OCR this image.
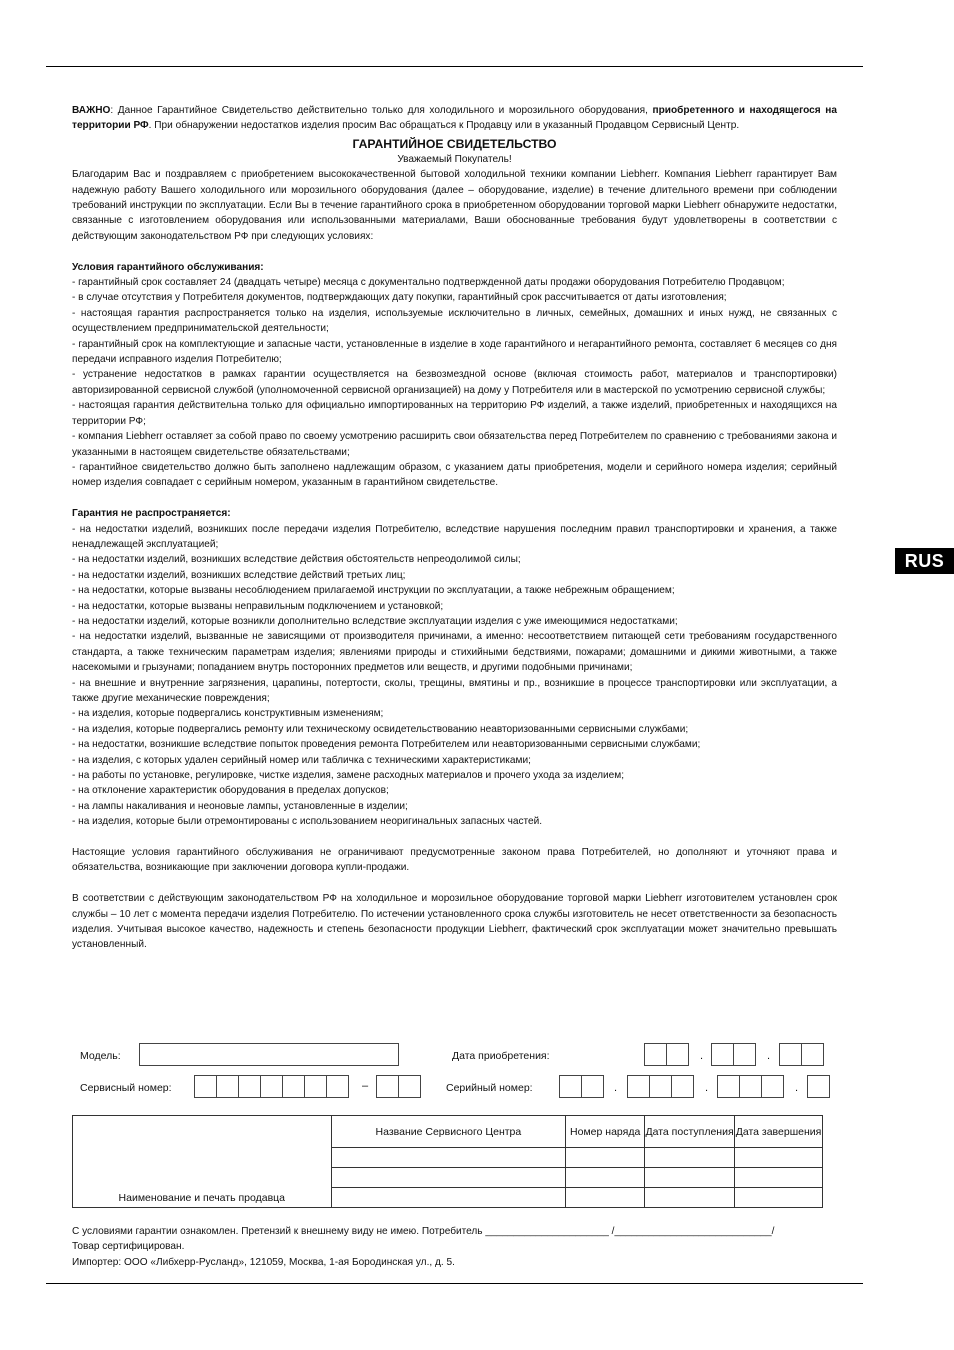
RUS

ВАЖНО: Данное Гарантийное Свидетельство действительно только для холодильного и морозильного оборудования, приобретенного и находящегося на территории РФ. При обнаружении недостатков изделия просим Вас обращаться к Продавцу или в указанный Продавцом Сервисный Центр.

ГАРАНТИЙНОЕ СВИДЕТЕЛЬСТВО

Уважаемый Покупатель!

Благодарим Вас и поздравляем с приобретением высококачественной бытовой холодильной техники компании Liebherr. Компания Liebherr гарантирует Вам надежную работу Вашего холодильного или морозильного оборудования (далее – оборудование, изделие) в течение длительного времени при соблюдении требований инструкции по эксплуатации. Если Вы в течение гарантийного срока в приобретенном оборудовании торговой марки Liebherr обнаружите недостатки, связанные с изготовлением оборудования или использованными материалами, Ваши обоснованные требования будут удовлетворены в соответствии с действующим законодательством РФ при следующих условиях:

Условия гарантийного обслуживания:

- гарантийный срок составляет 24 (двадцать четыре) месяца с документально подтвержденной даты продажи оборудования Потребителю Продавцом;

- в случае отсутствия у Потребителя документов, подтверждающих дату покупки, гарантийный срок рассчитывается от даты изготовления;

- настоящая гарантия распространяется только на изделия, используемые исключительно в личных, семейных, домашних и иных нужд, не связанных с осуществлением предпринимательской деятельности;

- гарантийный срок на комплектующие и запасные части, установленные в изделие в ходе гарантийного и негарантийного ремонта, составляет 6 месяцев со дня передачи исправного изделия Потребителю;

- устранение недостатков в рамках гарантии осуществляется на безвозмездной основе (включая стоимость работ, материалов и транспортировки) авторизированной сервисной службой (уполномоченной сервисной организацией) на дому у Потребителя или в мастерской по усмотрению сервисной службы;

- настоящая гарантия действительна только для официально импортированных на территорию РФ изделий, а также изделий, приобретенных и находящихся на территории РФ;

- компания Liebherr оставляет за собой право по своему усмотрению расширить свои обязательства перед Потребителем по сравнению с требованиями закона и указанными в настоящем свидетельстве обязательствами;

- гарантийное свидетельство должно быть заполнено надлежащим образом, с указанием даты приобретения, модели и серийного номера изделия; серийный номер изделия совпадает с серийным номером, указанным в гарантийном свидетельстве.

Гарантия не распространяется:

- на недостатки изделий, возникших после передачи изделия Потребителю, вследствие нарушения последним правил транспортировки и хранения, а также ненадлежащей эксплуатацией;

- на недостатки изделий, возникших вследствие действия обстоятельств непреодолимой силы;

- на недостатки изделий, возникших вследствие действий третьих лиц;

- на недостатки, которые вызваны несоблюдением прилагаемой инструкции по эксплуатации, а также небрежным обращением;

- на недостатки, которые вызваны неправильным подключением и установкой;

- на недостатки изделий, которые возникли дополнительно вследствие эксплуатации изделия с уже имеющимися недостатками;

- на недостатки изделий, вызванные не зависящими от производителя причинами, а именно: несоответствием питающей сети требованиям государственного стандарта, а также техническим параметрам изделия; явлениями природы и стихийными бедствиями, пожарами; домашними и дикими животными, а также насекомыми и грызунами; попаданием внутрь посторонних предметов или веществ, и другими подобными причинами;

- на внешние и внутренние загрязнения, царапины, потертости, сколы, трещины, вмятины и пр., возникшие в процессе транспортировки или эксплуатации, а также другие механические повреждения;

- на изделия, которые подвергались конструктивным изменениям;

- на изделия, которые подвергались ремонту или техническому освидетельствованию неавторизованными сервисными службами;

- на недостатки, возникшие вследствие попыток проведения ремонта Потребителем или неавторизованными сервисными службами;

- на изделия, с которых удален серийный номер или табличка с техническими характеристиками;

- на работы по установке, регулировке, чистке изделия, замене расходных материалов и прочего ухода за изделием;

- на отклонение характеристик оборудования в пределах допусков;

- на лампы накаливания и неоновые лампы, установленные в изделии;

- на изделия, которые были отремонтированы с использованием неоригинальных запасных частей.

Настоящие условия гарантийного обслуживания не ограничивают предусмотренные законом права Потребителей, но дополняют и уточняют права и обязательства, возникающие при заключении договора купли-продажи.

В соответствии с действующим законодательством РФ на холодильное и морозильное оборудование торговой марки Liebherr изготовителем установлен срок службы – 10 лет с момента передачи изделия Потребителю. По истечении установленного срока службы изготовитель не несет ответственности за безопасность изделия. Учитывая высокое качество, надежность и степень безопасности продукции Liebherr, фактический срок эксплуатации может значительно превышать установленный.

Модель:	Дата приобретения:	.	.
Сервисный номер:	–	Серийный номер:	.	.	.
Наименование и печать продавца	Название Сервисного Центра	Номер наряда	Дата поступления	Дата завершения

С условиями гарантии ознакомлен. Претензий к внешнему виду не имею. Потребитель ______________________ /____________________________/

Товар сертифицирован.

Импортер: ООО «Либхерр-Русланд», 121059, Москва, 1-ая Бородинская ул., д. 5.
